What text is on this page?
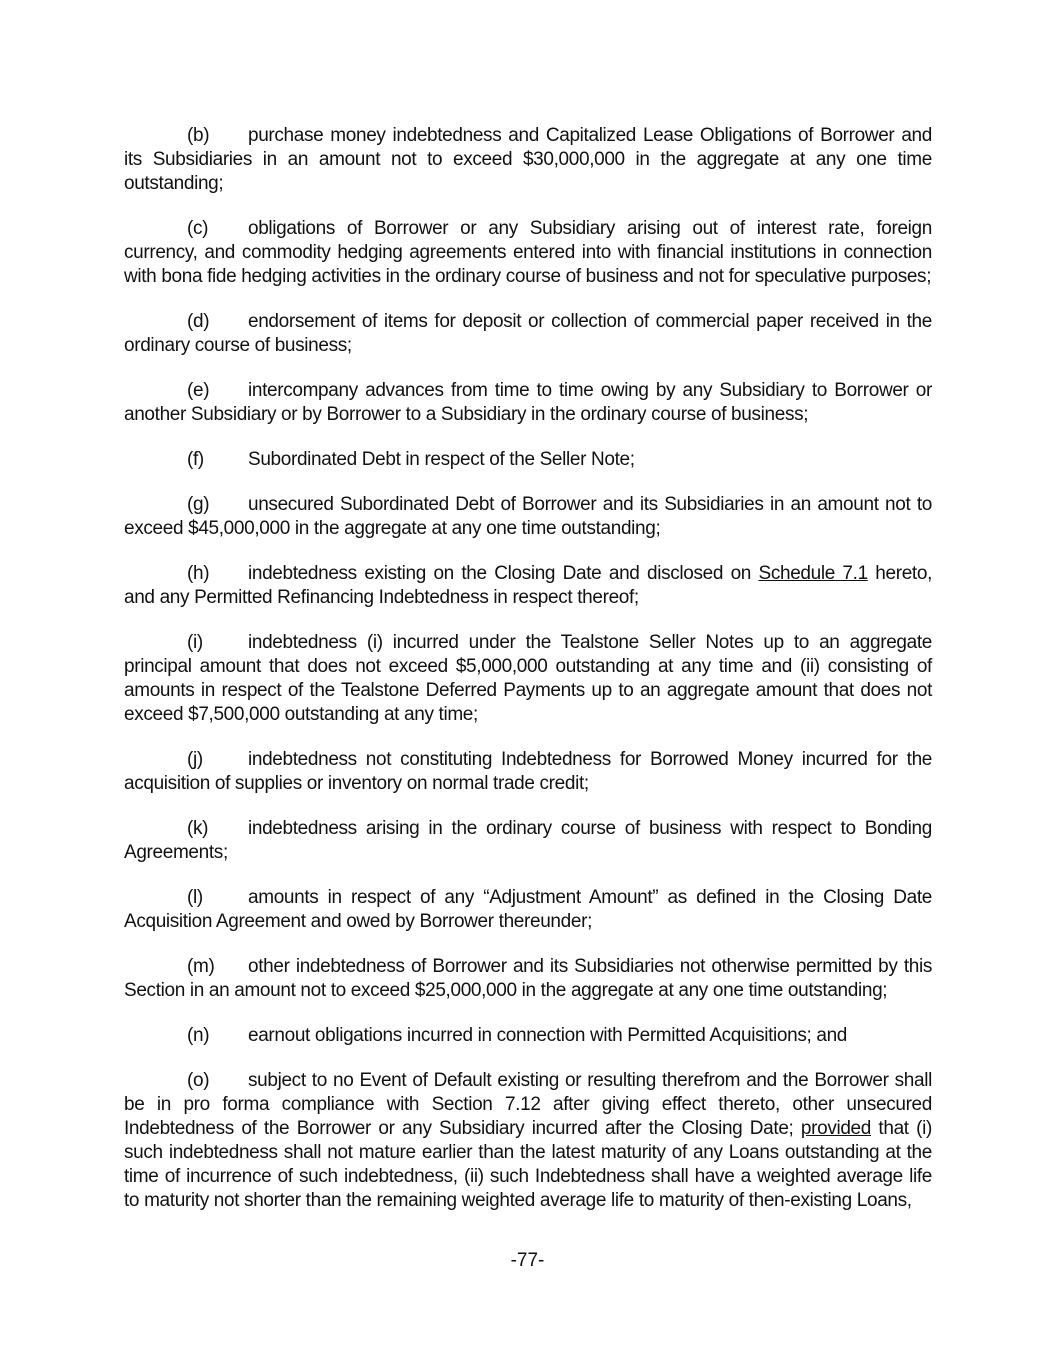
(b) purchase money indebtedness and Capitalized Lease Obligations of Borrower and its Subsidiaries in an amount not to exceed $30,000,000 in the aggregate at any one time outstanding;

(c) obligations of Borrower or any Subsidiary arising out of interest rate, foreign currency, and commodity hedging agreements entered into with financial institutions in connection with bona fide hedging activities in the ordinary course of business and not for speculative purposes;

(d) endorsement of items for deposit or collection of commercial paper received in the ordinary course of business;

(e) intercompany advances from time to time owing by any Subsidiary to Borrower or another Subsidiary or by Borrower to a Subsidiary in the ordinary course of business;

(f) Subordinated Debt in respect of the Seller Note;

(g) unsecured Subordinated Debt of Borrower and its Subsidiaries in an amount not to exceed $45,000,000 in the aggregate at any one time outstanding;

(h) indebtedness existing on the Closing Date and disclosed on Schedule 7.1 hereto, and any Permitted Refinancing Indebtedness in respect thereof;

(i) indebtedness (i) incurred under the Tealstone Seller Notes up to an aggregate principal amount that does not exceed $5,000,000 outstanding at any time and (ii) consisting of amounts in respect of the Tealstone Deferred Payments up to an aggregate amount that does not exceed $7,500,000 outstanding at any time;

(j) indebtedness not constituting Indebtedness for Borrowed Money incurred for the acquisition of supplies or inventory on normal trade credit;

(k) indebtedness arising in the ordinary course of business with respect to Bonding Agreements;

(l) amounts in respect of any “Adjustment Amount” as defined in the Closing Date Acquisition Agreement and owed by Borrower thereunder;

(m) other indebtedness of Borrower and its Subsidiaries not otherwise permitted by this Section in an amount not to exceed $25,000,000 in the aggregate at any one time outstanding;

(n) earnout obligations incurred in connection with Permitted Acquisitions; and

(o) subject to no Event of Default existing or resulting therefrom and the Borrower shall be in pro forma compliance with Section 7.12 after giving effect thereto, other unsecured Indebtedness of the Borrower or any Subsidiary incurred after the Closing Date; provided that (i) such indebtedness shall not mature earlier than the latest maturity of any Loans outstanding at the time of incurrence of such indebtedness, (ii) such Indebtedness shall have a weighted average life to maturity not shorter than the remaining weighted average life to maturity of then-existing Loans,

-77-
